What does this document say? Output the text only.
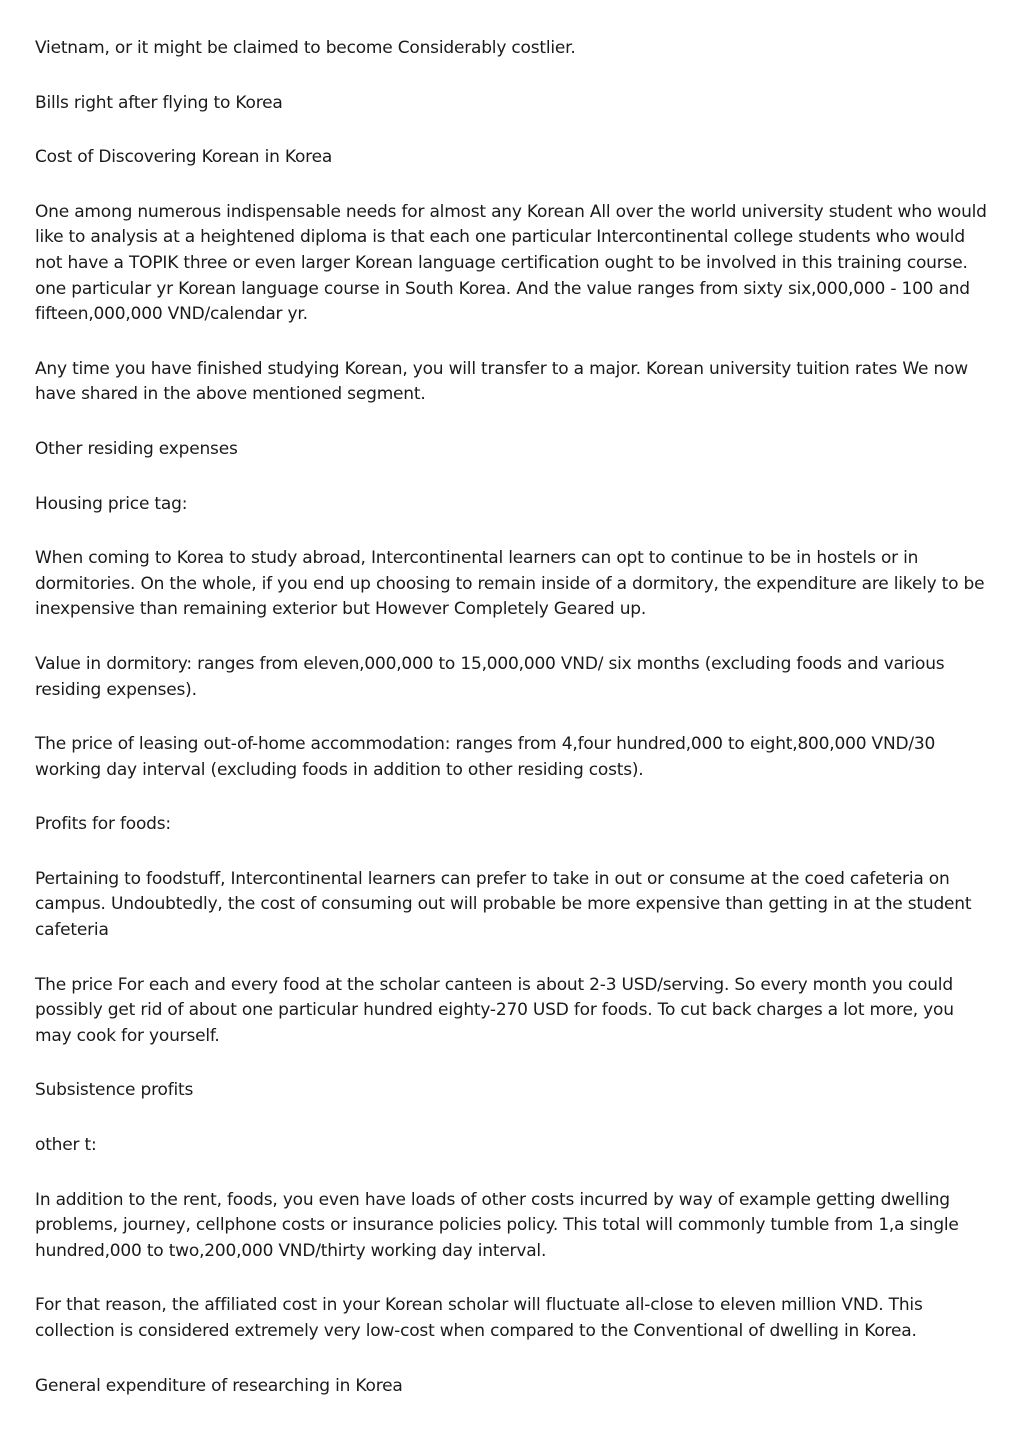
Vietnam, or it might be claimed to become Considerably costlier.

Bills right after flying to Korea

Cost of Discovering Korean in Korea

One among numerous indispensable needs for almost any Korean All over the world university student who would like to analysis at a heightened diploma is that each one particular Intercontinental college students who would not have a TOPIK three or even larger Korean language certification ought to be involved in this training course. one particular yr Korean language course in South Korea. And the value ranges from sixty six,000,000 - 100 and fifteen,000,000 VND/calendar yr.

Any time you have finished studying Korean, you will transfer to a major. Korean university tuition rates We now have shared in the above mentioned segment.

Other residing expenses

Housing price tag:

When coming to Korea to study abroad, Intercontinental learners can opt to continue to be in hostels or in dormitories. On the whole, if you end up choosing to remain inside of a dormitory, the expenditure are likely to be inexpensive than remaining exterior but However Completely Geared up.

Value in dormitory: ranges from eleven,000,000 to 15,000,000 VND/ six months (excluding foods and various residing expenses).

The price of leasing out-of-home accommodation: ranges from 4,four hundred,000 to eight,800,000 VND/30 working day interval (excluding foods in addition to other residing costs).

Profits for foods:

Pertaining to foodstuff, Intercontinental learners can prefer to take in out or consume at the coed cafeteria on campus. Undoubtedly, the cost of consuming out will probable be more expensive than getting in at the student cafeteria

The price For each and every food at the scholar canteen is about 2-3 USD/serving. So every month you could possibly get rid of about one particular hundred eighty-270 USD for foods. To cut back charges a lot more, you may cook for yourself.

Subsistence profits

other t:

In addition to the rent, foods, you even have loads of other costs incurred by way of example getting dwelling problems, journey, cellphone costs or insurance policies policy. This total will commonly tumble from 1,a single hundred,000 to two,200,000 VND/thirty working day interval.

For that reason, the affiliated cost in your Korean scholar will fluctuate all-close to eleven million VND. This collection is considered extremely very low-cost when compared to the Conventional of dwelling in Korea.

General expenditure of researching in Korea
